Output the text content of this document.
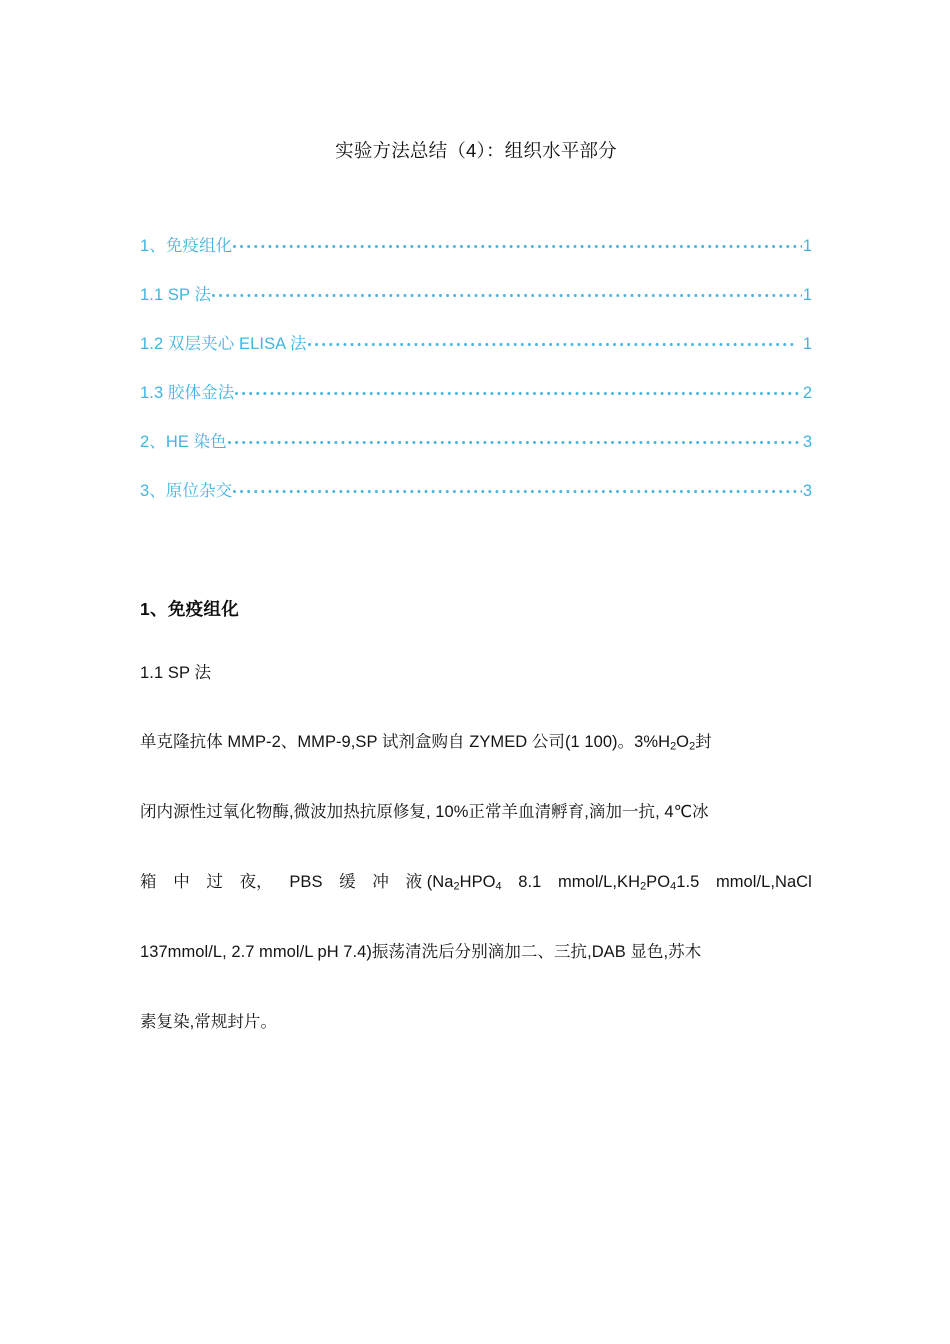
实验方法总结（4）：组织水平部分
1、免疫组化	1
1.1 SP 法	1
1.2 双层夹心 ELISA 法	1
1.3 胶体金法	2
2、HE 染色	3
3、原位杂交	3
1、免疫组化
1.1 SP 法

单克隆抗体 MMP-2、MMP-9,SP 试剂盒购自 ZYMED 公司(1 100)。$3\%H_2O_2$封
闭内源性过氧化物酶,微波加热抗原修复, 10%正常羊血清孵育,滴加一抗, 4℃冰
箱 中 过 夜， PBS 缓 冲 液 ($Na_2HPO_4$ 8.1 mmol/$L,KH_2PO_41.5$ mmol/L,NaCl
137mmol/L, 2.7 mmol/L pH 7.4)振荡清洗后分别滴加二、三抗,DAB 显色,苏木
素复染,常规封片。
